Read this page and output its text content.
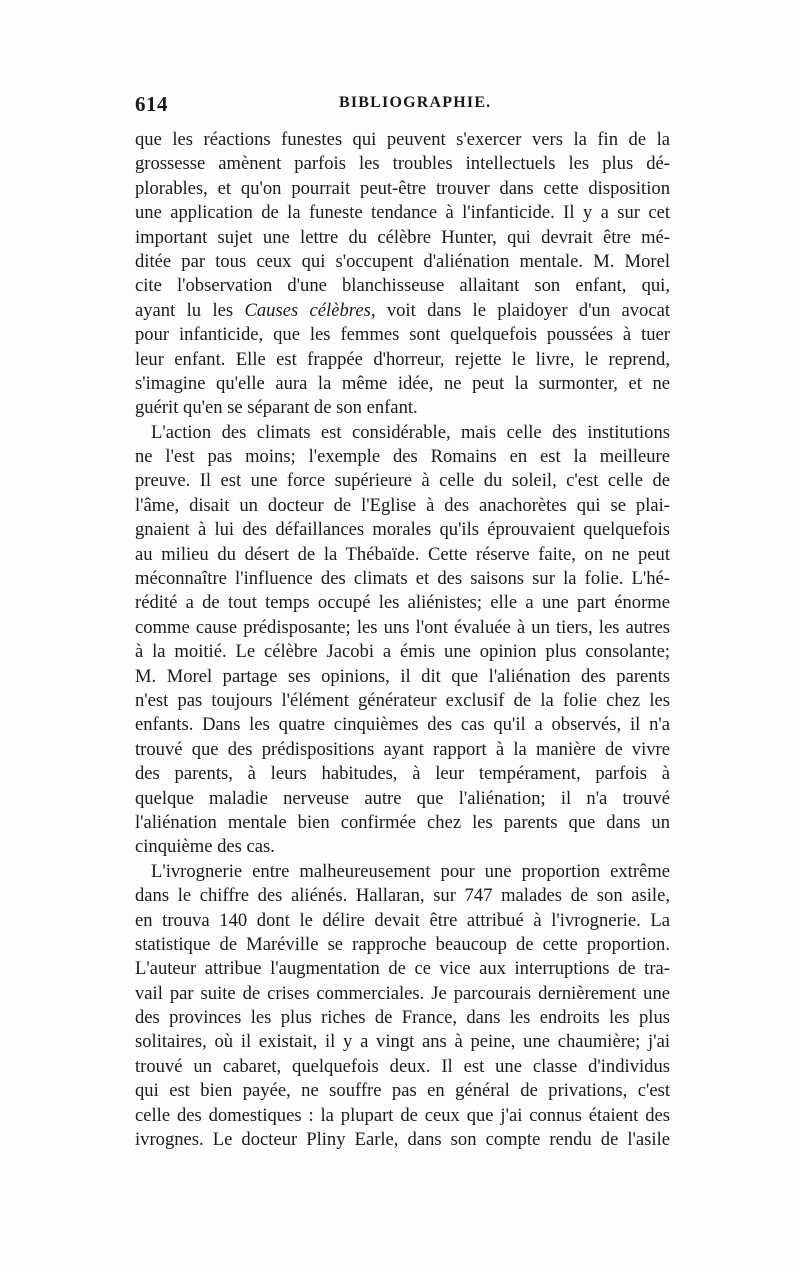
614	BIBLIOGRAPHIE.
que les réactions funestes qui peuvent s'exercer vers la fin de la
grossesse amènent parfois les troubles intellectuels les plus dé-
plorables, et qu'on pourrait peut-être trouver dans cette disposition
une application de la funeste tendance à l'infanticide. Il y a sur cet
important sujet une lettre du célèbre Hunter, qui devrait être mé-
ditée par tous ceux qui s'occupent d'aliénation mentale. M. Morel
cite l'observation d'une blanchisseuse allaitant son enfant, qui,
ayant lu les Causes célèbres, voit dans le plaidoyer d'un avocat
pour infanticide, que les femmes sont quelquefois poussées à tuer
leur enfant. Elle est frappée d'horreur, rejette le livre, le reprend,
s'imagine qu'elle aura la même idée, ne peut la surmonter, et ne
guérit qu'en se séparant de son enfant.
L'action des climats est considérable, mais celle des institutions
ne l'est pas moins; l'exemple des Romains en est la meilleure
preuve. Il est une force supérieure à celle du soleil, c'est celle de
l'âme, disait un docteur de l'Eglise à des anachorètes qui se plai-
gnaient à lui des défaillances morales qu'ils éprouvaient quelquefois
au milieu du désert de la Thébaïde. Cette réserve faite, on ne peut
méconnaître l'influence des climats et des saisons sur la folie. L'hé-
rédité a de tout temps occupé les aliénistes; elle a une part énorme
comme cause prédisposante; les uns l'ont évaluée à un tiers, les autres
à la moitié. Le célèbre Jacobi a émis une opinion plus consolante;
M. Morel partage ses opinions, il dit que l'aliénation des parents
n'est pas toujours l'élément générateur exclusif de la folie chez les
enfants. Dans les quatre cinquièmes des cas qu'il a observés, il n'a
trouvé que des prédispositions ayant rapport à la manière de vivre
des parents, à leurs habitudes, à leur tempérament, parfois à
quelque maladie nerveuse autre que l'aliénation; il n'a trouvé
l'aliénation mentale bien confirmée chez les parents que dans un
cinquième des cas.
L'ivrognerie entre malheureusement pour une proportion extrême
dans le chiffre des aliénés. Hallaran, sur 747 malades de son asile,
en trouva 140 dont le délire devait être attribué à l'ivrognerie. La
statistique de Maréville se rapproche beaucoup de cette proportion.
L'auteur attribue l'augmentation de ce vice aux interruptions de tra-
vail par suite de crises commerciales. Je parcourais dernièrement une
des provinces les plus riches de France, dans les endroits les plus
solitaires, où il existait, il y a vingt ans à peine, une chaumière; j'ai
trouvé un cabaret, quelquefois deux. Il est une classe d'individus
qui est bien payée, ne souffre pas en général de privations, c'est
celle des domestiques : la plupart de ceux que j'ai connus étaient des
ivrognes. Le docteur Pliny Earle, dans son compte rendu de l'asile
